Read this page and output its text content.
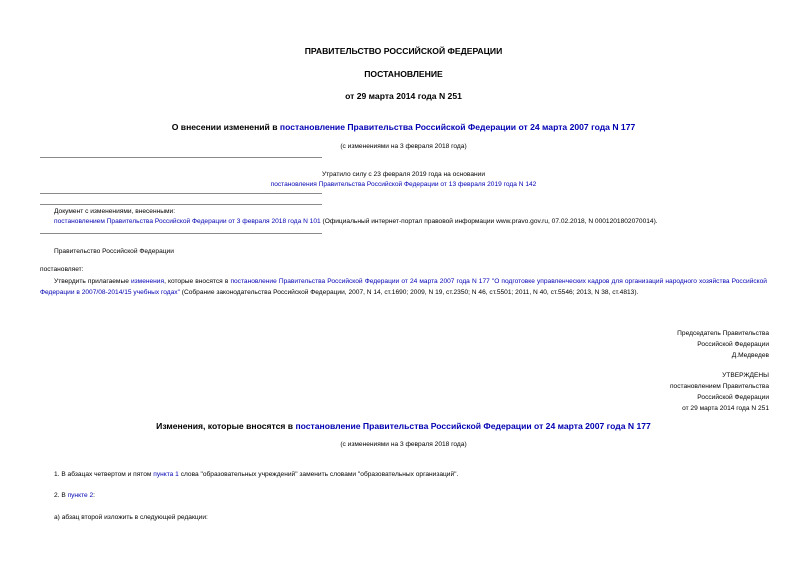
ПРАВИТЕЛЬСТВО РОССИЙСКОЙ ФЕДЕРАЦИИ
ПОСТАНОВЛЕНИЕ
от 29 марта 2014 года N 251
О внесении изменений в постановление Правительства Российской Федерации от 24 марта 2007 года N 177
(с изменениями на 3 февраля 2018 года)
Утратило силу с 23 февраля 2019 года на основании
постановления Правительства Российской Федерации от 13 февраля 2019 года N 142
Документ с изменениями, внесенными:
постановлением Правительства Российской Федерации от 3 февраля 2018 года N 101 (Официальный интернет-портал правовой информации www.pravo.gov.ru, 07.02.2018, N 0001201802070014).
Правительство Российской Федерации
постановляет:
Утвердить прилагаемые изменения, которые вносятся в постановление Правительства Российской Федерации от 24 марта 2007 года N 177 "О подготовке управленческих кадров для организаций народного хозяйства Российской Федерации в 2007/08-2014/15 учебных годах" (Собрание законодательства Российской Федерации, 2007, N 14, ст.1690; 2009, N 19, ст.2350; N 46, ст.5501; 2011, N 40, ст.5546; 2013, N 38, ст.4813).

Председатель Правительства

Российской Федерации

Д.Медведев

УТВЕРЖДЕНЫ

постановлением Правительства

Российской Федерации

от 29 марта 2014 года N 251

Изменения, которые вносятся в постановление Правительства Российской Федерации от 24 марта 2007 года N 177
(с изменениями на 3 февраля 2018 года)
1. В абзацах четвертом и пятом пункта 1 слова "образовательных учреждений" заменить словами "образовательных организаций".
2. В пункте 2:
а) абзац второй изложить в следующей редакции:
